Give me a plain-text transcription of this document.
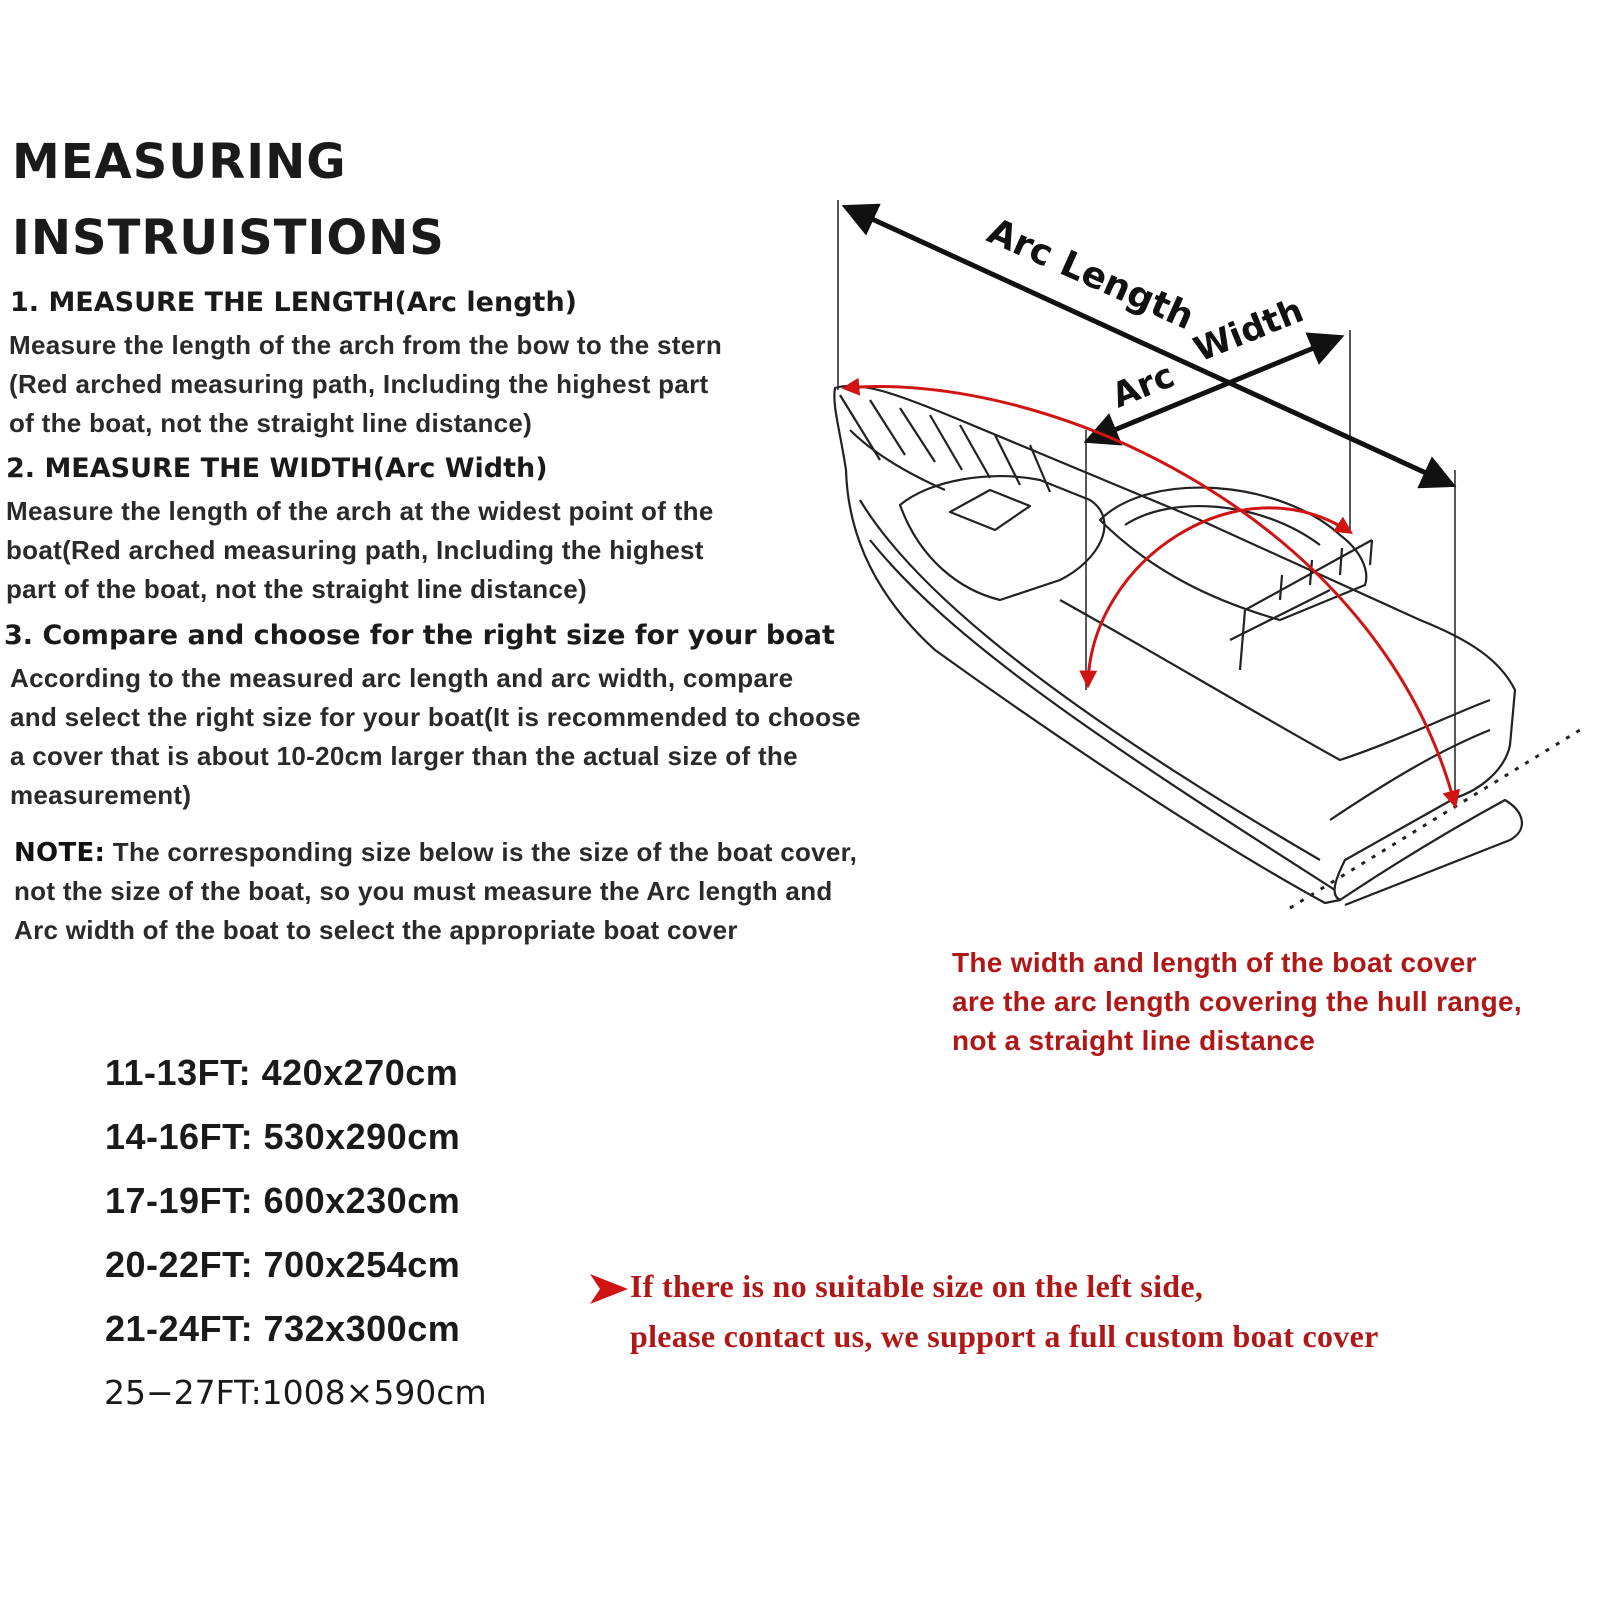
MEASURING
INSTRUISTIONS
1. MEASURE THE LENGTH(Arc length)
Measure the length of the arch from the bow to the stern
(Red arched measuring path, Including the highest part
of the boat, not the straight line distance)
2. MEASURE THE WIDTH(Arc Width)
Measure the length of the arch at the widest point of the
boat(Red arched measuring path, Including the highest
part of the boat, not the straight line distance)
3. Compare and choose for the right size for your boat
According to the measured arc length and arc width, compare
and select the right size for your boat(It is recommended to choose
a cover that is about 10-20cm larger than the actual size of the
measurement)
NOTE: The corresponding size below is the size of the boat cover,
not the size of the boat, so you must measure the Arc length and
Arc width of the boat to select the appropriate boat cover
Arc Length
Arc
Width
The width and length of the boat cover
are the arc length covering the hull range,
not a straight line distance
11-13FT: 420x270cm
14-16FT: 530x290cm
17-19FT: 600x230cm
20-22FT: 700x254cm
21-24FT: 732x300cm
25−27FT:1008×590cm
If there is no suitable size on the left side,
please contact us, we support a full custom boat cover
